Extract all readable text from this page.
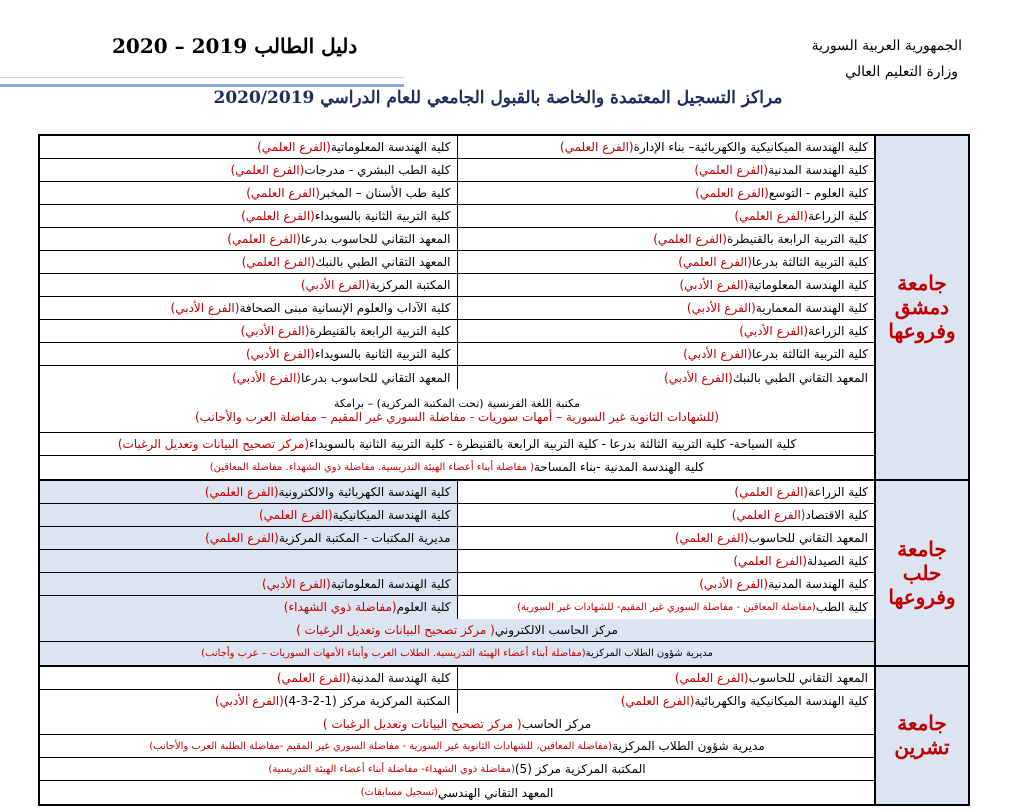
دليل الطالب 2019 – 2020	الجمهورية العربية السورية
وزارة التعليم العالي
مراكز التسجيل المعتمدة والخاصة بالقبول الجامعي للعام الدراسي 2020/2019
جامعة دمشق وفروعها
كلية الهندسة الميكانيكية والكهربائية– بناء الإدارة
(الفرع العلمي)
كلية الهندسة المعلوماتية
(الفرع العلمي)
كلية الهندسة المدنية
(الفرع العلمي)
كلية الطب البشري - مدرجات
(الفرع العلمي)
كلية العلوم - التوسع
(الفرع العلمي)
كلية طب الأسنان – المخبر
(الفرع العلمي)
كلية الزراعة
(الفرع العلمي)
كلية التربية الثانية بالسويداء
(الفرع العلمي)
كلية التربية الرابعة بالقنيطرة
(الفرع العلمي)
المعهد التقاني للحاسوب بدرعا
(الفرع العلمي)
كلية التربية الثالثة بدرعا
(الفرع العلمي)
المعهد التقاني الطبي بالنبك
(الفرع العلمي)
كلية الهندسة المعلوماتية
(الفرع الأدبي)
المكتبة المركزية
(الفرع الأدبي)
كلية الهندسة المعمارية
(الفرع الأدبي)
كلية الآداب والعلوم الإنسانية مبنى الصحافة
(الفرع الأدبي)
كلية الزراعة
(الفرع الأدبي)
كلية التربية الرابعة بالقنيطرة
(الفرع الأدبي)
كلية التربية الثالثة بدرعا
(الفرع الأدبي)
كلية التربية الثانية بالسويداء
(الفرع الأدبي)
المعهد التقاني الطبي بالنبك
(الفرع الأدبي)
المعهد التقاني للحاسوب بدرعا
(الفرع الأدبي)
مكتبة اللغة الفرنسية (تحت المكتبة المركزية) – برامكة
(للشهادات الثانوية غير السورية – أمهات سوريات - مفاضلة السوري غير المقيم – مفاضلة العرب والأجانب)
كلية السياحة- كلية التربية الثالثة بدرعا - كلية التربية الرابعة بالقنيطرة - كلية التربية الثانية بالسويداء
(مركز تصحيح البيانات وتعديل الرغبات)
كلية الهندسة المدنية -بناء المساحة
( مفاضلة أبناء أعضاء الهيئة التدريسية. مفاضلة ذوي الشهداء. مفاضلة المعاقين)
جامعة حلب وفروعها
كلية الزراعة
(الفرع العلمي)
كلية الهندسة الكهربائية والالكترونية
(الفرع العلمي)
كلية الاقتصاد
(الفرع العلمي)
كلية الهندسة الميكانيكية
(الفرع العلمي)
المعهد التقاني للحاسوب
(الفرع العلمي)
مديرية المكتبات - المكتبة المركزية
(الفرع العلمي)
كلية الصيدلة
(الفرع العلمي)
كلية الهندسة المدنية
(الفرع الأدبي)
كلية الهندسة المعلوماتية
(الفرع الأدبي)
كلية الطب
(مفاضلة المعاقين - مفاضلة السوري غير المقيم- للشهادات غير السورية)
كلية العلوم
(مفاضلة ذوي الشهداء)
مركز الحاسب الالكتروني
( مركز تصحيح البيانات وتعديل الرغبات )
مديرية شؤون الطلاب المركزية
(مفاضلة أبناء أعضاء الهيئة التدريسية. الطلاب العرب وأبناء الأمهات السوريات – عرب وأجانب)
جامعة تشرين
المعهد التقاني للحاسوب
(الفرع العلمي)
كلية الهندسة المدنية
(الفرع العلمي)
كلية الهندسة الميكانيكية والكهربائية
(الفرع العلمي)
المكتبة المركزية مركز (1-2-3-4)
(الفرع الأدبي)
مركز الحاسب
( مركز تصحيح البيانات وتعديل الرغبات )
مديرية شؤون الطلاب المركزية
(مفاضلة المعاقين، للشهادات الثانوية غير السورية - مفاضلة السوري غير المقيم -مفاضلة الطلبة العرب والأجانب)
المكتبة المركزية مركز (5)
(مفاضلة ذوي الشهداء- مفاضلة أبناء أعضاء الهيئة التدريسية)
المعهد التقاني الهندسي
(تسجيل مسابقات)
